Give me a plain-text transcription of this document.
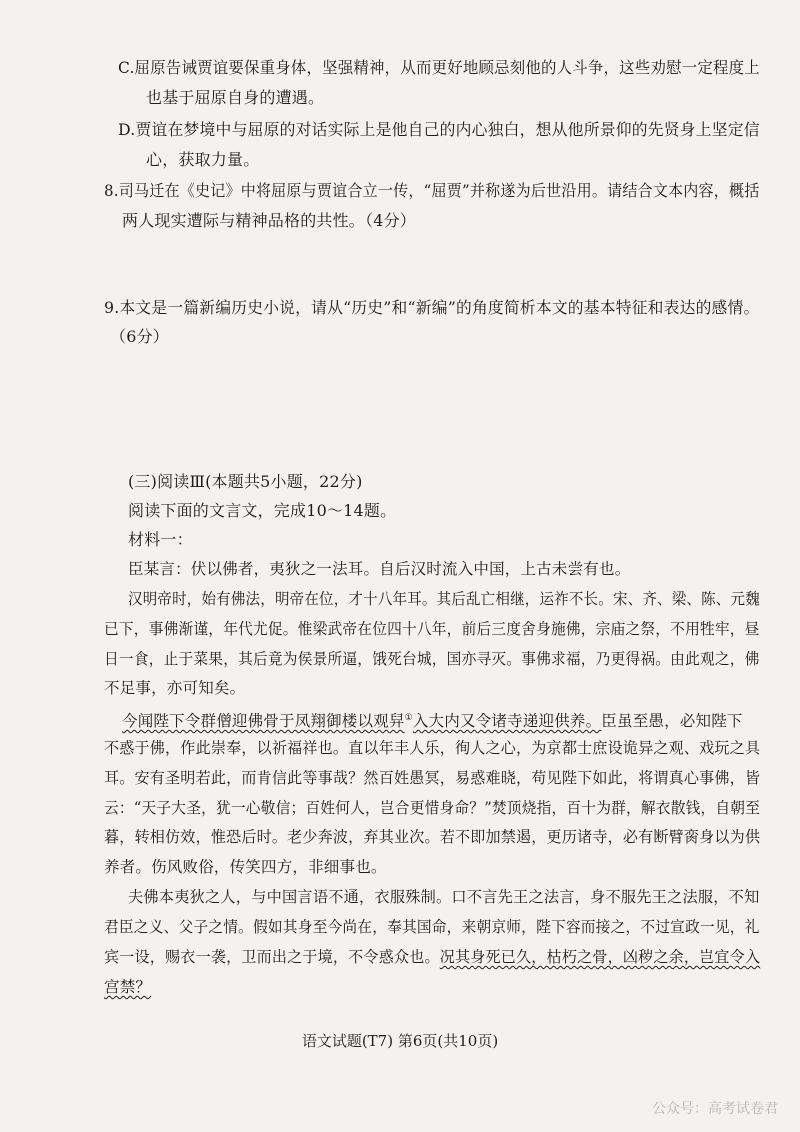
C.屈原告诫贾谊要保重身体，坚强精神，从而更好地顾忌刻他的人斗争，这些劝慰一定程度上
也基于屈原自身的遭遇。
D.贾谊在梦境中与屈原的对话实际上是他自己的内心独白，想从他所景仰的先贤身上坚定信
心，获取力量。
8.司马迁在《史记》中将屈原与贾谊合立一传，“屈贾”并称遂为后世沿用。请结合文本内容，概括
两人现实遭际与精神品格的共性。（4分）
9.本文是一篇新编历史小说，请从“历史”和“新编”的角度简析本文的基本特征和表达的感情。
（6分）
(三)阅读Ⅲ(本题共5小题，22分)
阅读下面的文言文，完成10～14题。
材料一：
臣某言：伏以佛者，夷狄之一法耳。自后汉时流入中国，上古未尝有也。
汉明帝时，始有佛法，明帝在位，才十八年耳。其后乱亡相继，运祚不长。宋、齐、梁、陈、元魏
已下，事佛渐谨，年代尤促。惟梁武帝在位四十八年，前后三度舍身施佛，宗庙之祭，不用牲牢，昼
日一食，止于菜果，其后竟为侯景所逼，饿死台城，国亦寻灭。事佛求福，乃更得祸。由此观之，佛
不足事，亦可知矣。
今闻陛下令群僧迎佛骨于凤翔御楼以观舁①入大内又令诸寺递迎供养。臣虽至愚，必知陛下
不惑于佛，作此崇奉，以祈福祥也。直以年丰人乐，徇人之心，为京都士庶设诡异之观、戏玩之具
耳。安有圣明若此，而肯信此等事哉？然百姓愚冥，易惑难晓，苟见陛下如此，将谓真心事佛，皆
云：“天子大圣，犹一心敬信；百姓何人，岂合更惜身命？”焚顶烧指，百十为群，解衣散钱，自朝至
暮，转相仿效，惟恐后时。老少奔波，弃其业次。若不即加禁遏，更历诸寺，必有断臂脔身以为供
养者。伤风败俗，传笑四方，非细事也。
夫佛本夷狄之人，与中国言语不通，衣服殊制。口不言先王之法言，身不服先王之法服，不知
君臣之义、父子之情。假如其身至今尚在，奉其国命，来朝京师，陛下容而接之，不过宣政一见，礼
宾一设，赐衣一袭，卫而出之于境，不令惑众也。况其身死已久，枯朽之骨，凶秽之余，岂宜令入
宫禁？
语文试题(T7) 第6页(共10页)
公众号：高考试卷君
